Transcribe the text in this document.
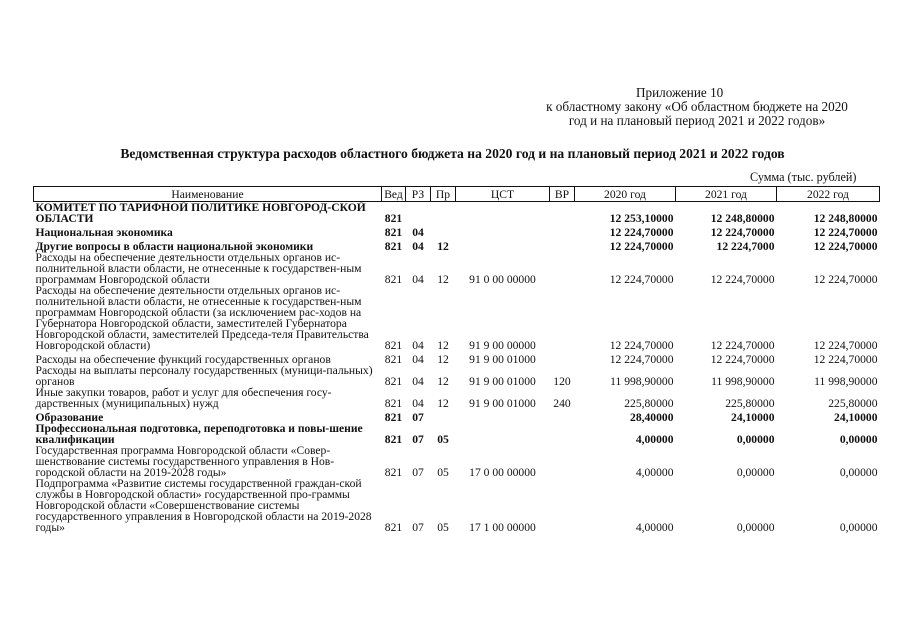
Приложение 10
к областному закону «Об областном бюджете на 2020
год и на плановый период 2021 и 2022 годов»
Ведомственная структура расходов областного бюджета на 2020 год и на плановый период 2021 и 2022 годов
Сумма (тыс. рублей)
Наименование	Вед	РЗ	Пр	ЦСТ	ВР	2020 год	2021 год	2022 год
КОМИТЕТ ПО ТАРИФНОЙ ПОЛИТИКЕ НОВГОРОД-СКОЙ ОБЛАСТИ	821					12 253,10000	12 248,80000	12 248,80000
Национальная экономика	821	04				12 224,70000	12 224,70000	12 224,70000
Другие вопросы в области национальной экономики	821	04	12			12 224,70000	12 224,7000	12 224,70000
Расходы на обеспечение деятельности отдельных органов ис-полнительной власти области, не отнесенные к государствен-ным программам Новгородской области	821	04	12	91 0 00 00000		12 224,70000	12 224,70000	12 224,70000
Расходы на обеспечение деятельности отдельных органов ис-полнительной власти области, не отнесенные к государствен-ным программам Новгородской области (за исключением рас-ходов на Губернатора Новгородской области, заместителей Губернатора Новгородской области, заместителей Председа-теля Правительства Новгородской области)	821	04	12	91 9 00 00000		12 224,70000	12 224,70000	12 224,70000
Расходы на обеспечение функций государственных органов	821	04	12	91 9 00 01000		12 224,70000	12 224,70000	12 224,70000
Расходы на выплаты персоналу государственных (муници-пальных) органов	821	04	12	91 9 00 01000	120	11 998,90000	11 998,90000	11 998,90000
Иные закупки товаров, работ и услуг для обеспечения госу-дарственных (муниципальных) нужд	821	04	12	91 9 00 01000	240	225,80000	225,80000	225,80000
Образование	821	07				28,40000	24,10000	24,10000
Профессиональная подготовка, переподготовка и повы-шение квалификации	821	07	05			4,00000	0,00000	0,00000
Государственная программа Новгородской области «Совер-шенствование системы государственного управления в Нов-городской области на 2019-2028 годы»	821	07	05	17 0 00 00000		4,00000	0,00000	0,00000
Подпрограмма «Развитие системы государственной граждан-ской службы в Новгородской области» государственной про-граммы Новгородской области «Совершенствование системы государственного управления в Новгородской области на 2019-2028 годы»	821	07	05	17 1 00 00000		4,00000	0,00000	0,00000
